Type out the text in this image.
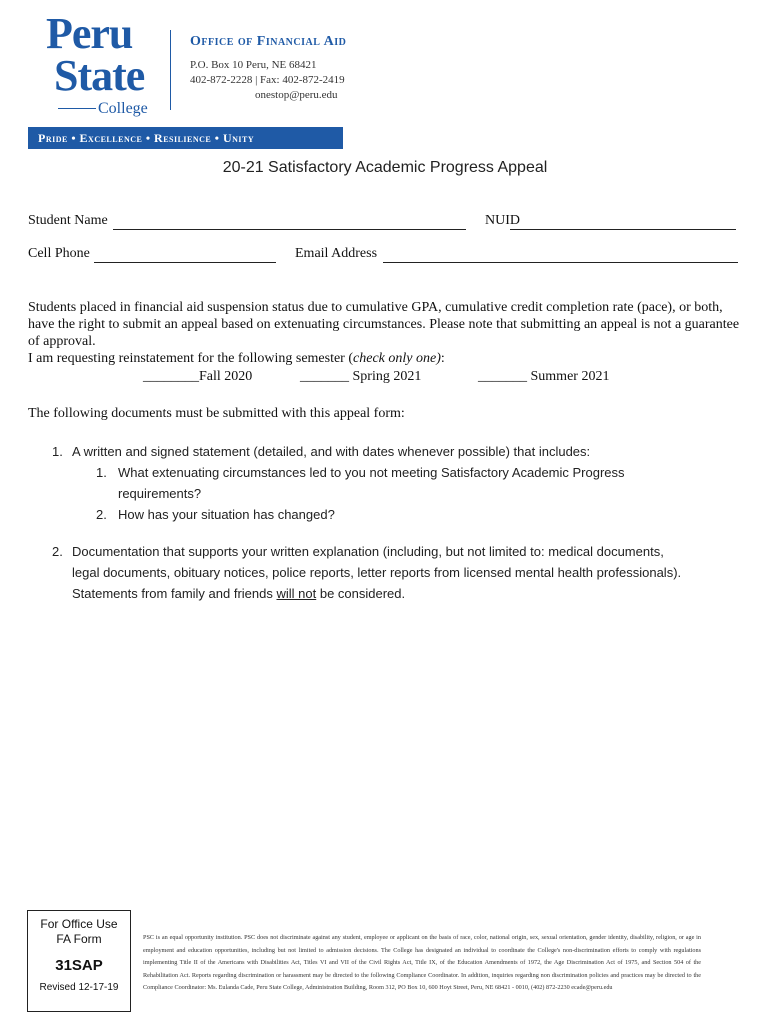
Peru
State
College
Office of Financial Aid
P.O. Box 10 Peru, NE 68421
402-872-2228 | Fax: 402-872-2419
onestop@peru.edu
Pride • Excellence • Resilience • Unity
20-21 Satisfactory Academic Progress Appeal
Student Name	NUID
Cell Phone	Email Address
Students placed in financial aid suspension status due to cumulative GPA, cumulative credit completion rate (pace), or both, have the right to submit an appeal based on extenuating circumstances. Please note that submitting an appeal is not a guarantee of approval.
I am requesting reinstatement for the following semester (check only one):
________Fall 2020	_______ Spring 2021	_______ Summer 2021
The following documents must be submitted with this appeal form:
1. A written and signed statement (detailed, and with dates whenever possible) that includes:
1. What extenuating circumstances led to you not meeting Satisfactory Academic Progress
requirements?
2. How has your situation has changed?
2. Documentation that supports your written explanation (including, but not limited to: medical documents,
legal documents, obituary notices, police reports, letter reports from licensed mental health professionals).
Statements from family and friends will not be considered.
For Office Use
FA Form
31SAP
Revised 12-17-19
PSC is an equal opportunity institution. PSC does not discriminate against any student, employee or applicant on the basis of race, color, national origin, sex, sexual orientation, gender identity, disability, religion, or age in employment and education opportunities, including but not limited to admission decisions. The College has designated an individual to coordinate the College's non-discrimination efforts to comply with regulations implementing Title II of the Americans with Disabilities Act, Titles VI and VII of the Civil Rights Act, Title IX, of the Education Amendments of 1972, the Age Discrimination Act of 1975, and Section 504 of the Rehabilitation Act. Reports regarding discrimination or harassment may be directed to the following Compliance Coordinator. In addition, inquiries regarding non discrimination policies and practices may be directed to the Compliance Coordinator: Ms. Eulanda Cade, Peru State College, Administration Building, Room 312, PO Box 10, 600 Hoyt Street, Peru, NE 68421 - 0010, (402) 872-2230 ecade@peru.edu
